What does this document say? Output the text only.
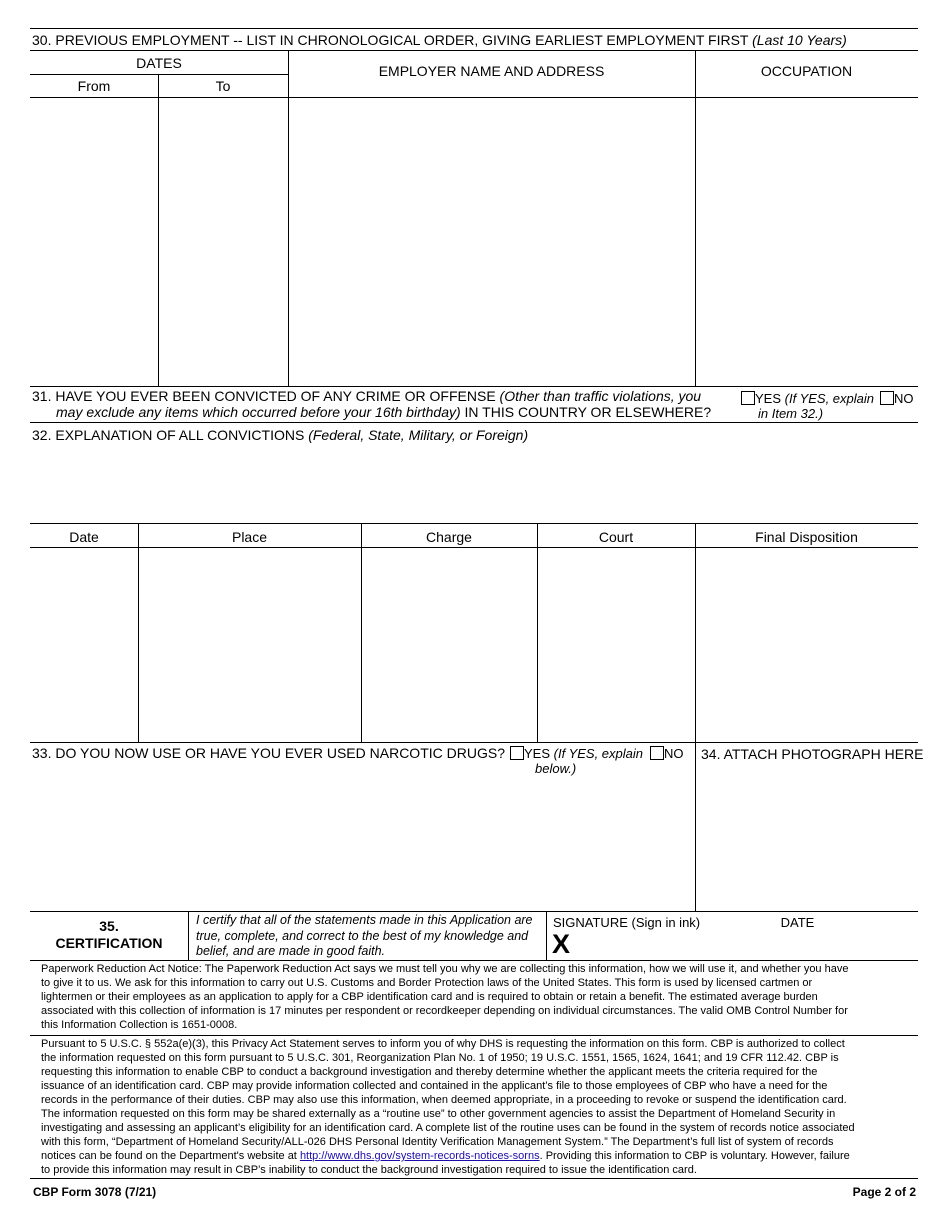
30. PREVIOUS EMPLOYMENT -- LIST IN CHRONOLOGICAL ORDER, GIVING EARLIEST EMPLOYMENT FIRST (Last 10 Years)
DATES
From	To
EMPLOYER NAME AND ADDRESS	OCCUPATION
31. HAVE YOU EVER BEEN CONVICTED OF ANY CRIME OR OFFENSE (Other than traffic violations, you
may exclude any items which occurred before your 16th birthday) IN THIS COUNTRY OR ELSEWHERE?
YES (If YES, explain	NO
in Item 32.)
32. EXPLANATION OF ALL CONVICTIONS (Federal, State, Military, or Foreign)
Date	Place	Charge	Court	Final Disposition
33. DO YOU NOW USE OR HAVE YOU EVER USED NARCOTIC DRUGS?	YES (If YES, explain	NO
below.)
34. ATTACH PHOTOGRAPH HERE
35.
CERTIFICATION
I certify that all of the statements made in this Application are
true, complete, and correct to the best of my knowledge and
belief, and are made in good faith.
SIGNATURE (Sign in ink)
X
DATE
Paperwork Reduction Act Notice: The Paperwork Reduction Act says we must tell you why we are collecting this information, how we will use it, and whether you have
to give it to us. We ask for this information to carry out U.S. Customs and Border Protection laws of the United States. This form is used by licensed cartmen or
lightermen or their employees as an application to apply for a CBP identification card and is required to obtain or retain a benefit. The estimated average burden
associated with this collection of information is 17 minutes per respondent or recordkeeper depending on individual circumstances. The valid OMB Control Number for
this Information Collection is 1651-0008.
Pursuant to 5 U.S.C. § 552a(e)(3), this Privacy Act Statement serves to inform you of why DHS is requesting the information on this form. CBP is authorized to collect
the information requested on this form pursuant to 5 U.S.C. 301, Reorganization Plan No. 1 of 1950; 19 U.S.C. 1551, 1565, 1624, 1641; and 19 CFR 112.42. CBP is
requesting this information to enable CBP to conduct a background investigation and thereby determine whether the applicant meets the criteria required for the
issuance of an identification card. CBP may provide information collected and contained in the applicant’s file to those employees of CBP who have a need for the
records in the performance of their duties. CBP may also use this information, when deemed appropriate, in a proceeding to revoke or suspend the identification card.
The information requested on this form may be shared externally as a “routine use” to other government agencies to assist the Department of Homeland Security in
investigating and assessing an applicant’s eligibility for an identification card. A complete list of the routine uses can be found in the system of records notice associated
with this form, “Department of Homeland Security/ALL-026 DHS Personal Identity Verification Management System.” The Department’s full list of system of records
notices can be found on the Department's website at http://www.dhs.gov/system-records-notices-sorns. Providing this information to CBP is voluntary. However, failure
to provide this information may result in CBP’s inability to conduct the background investigation required to issue the identification card.
CBP Form 3078 (7/21)	Page 2 of 2
